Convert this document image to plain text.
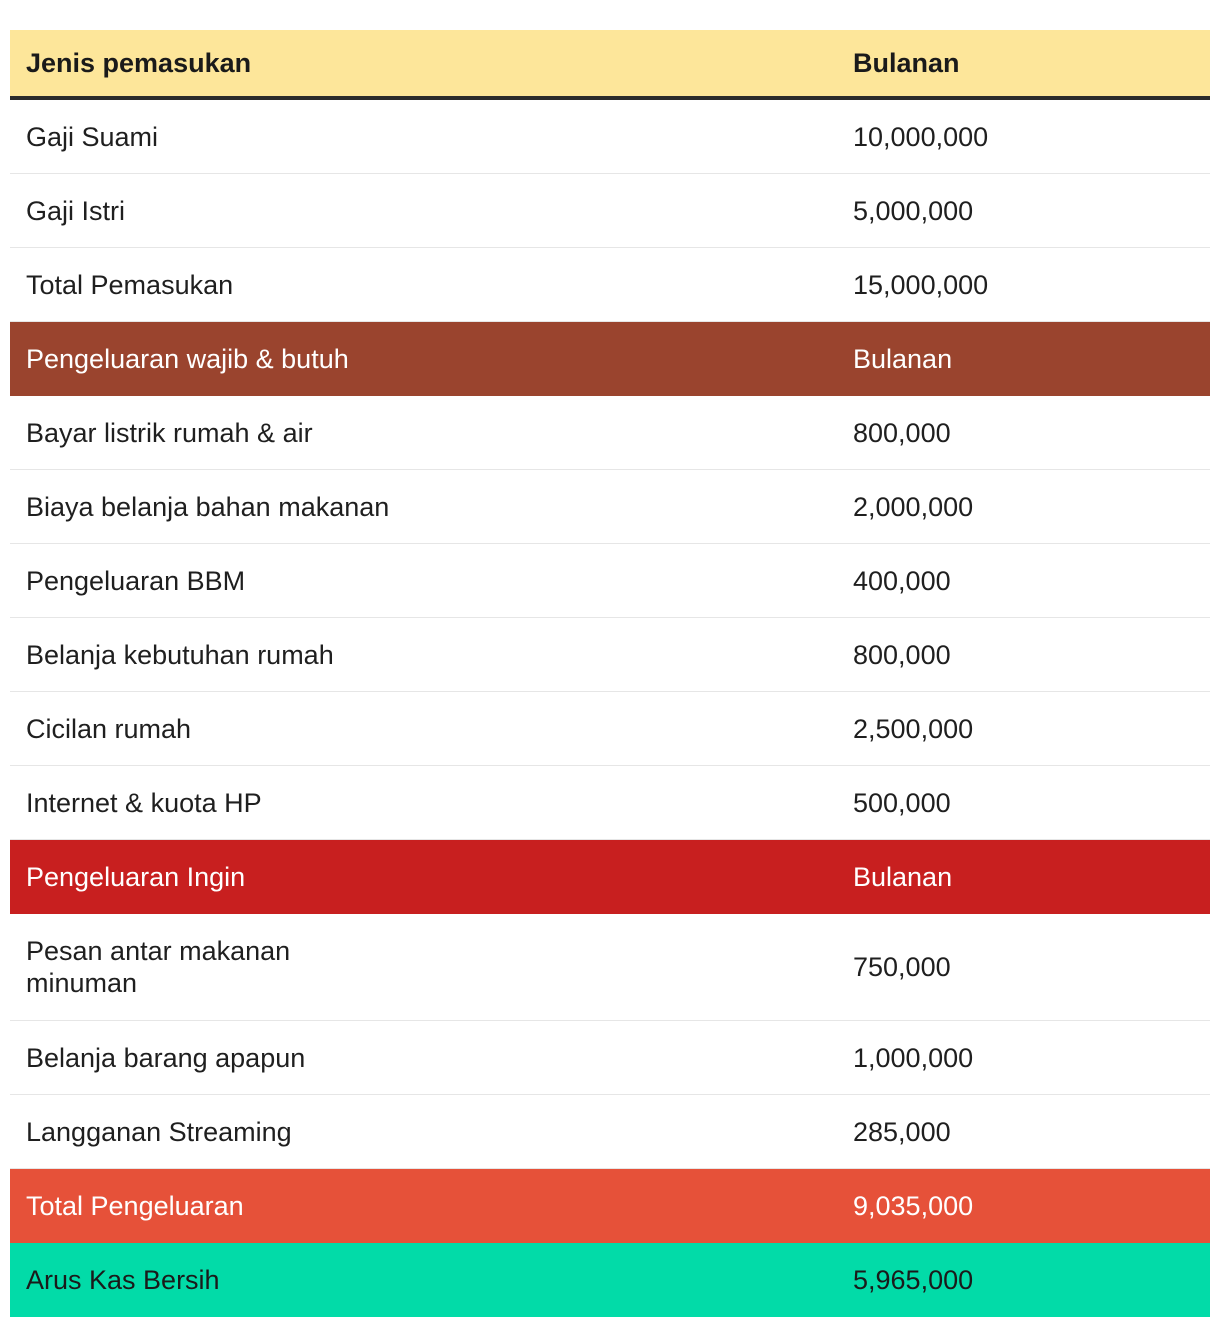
Jenis pemasukan	Bulanan
Gaji Suami	10,000,000
Gaji Istri	5,000,000
Total Pemasukan	15,000,000
Pengeluaran wajib & butuh	Bulanan
Bayar listrik rumah & air	800,000
Biaya belanja bahan makanan	2,000,000
Pengeluaran BBM	400,000
Belanja kebutuhan rumah	800,000
Cicilan rumah	2,500,000
Internet & kuota HP	500,000
Pengeluaran Ingin	Bulanan
Pesan antar makanan minuman	750,000
Belanja barang apapun	1,000,000
Langganan Streaming	285,000
Total Pengeluaran	9,035,000
Arus Kas Bersih	5,965,000
